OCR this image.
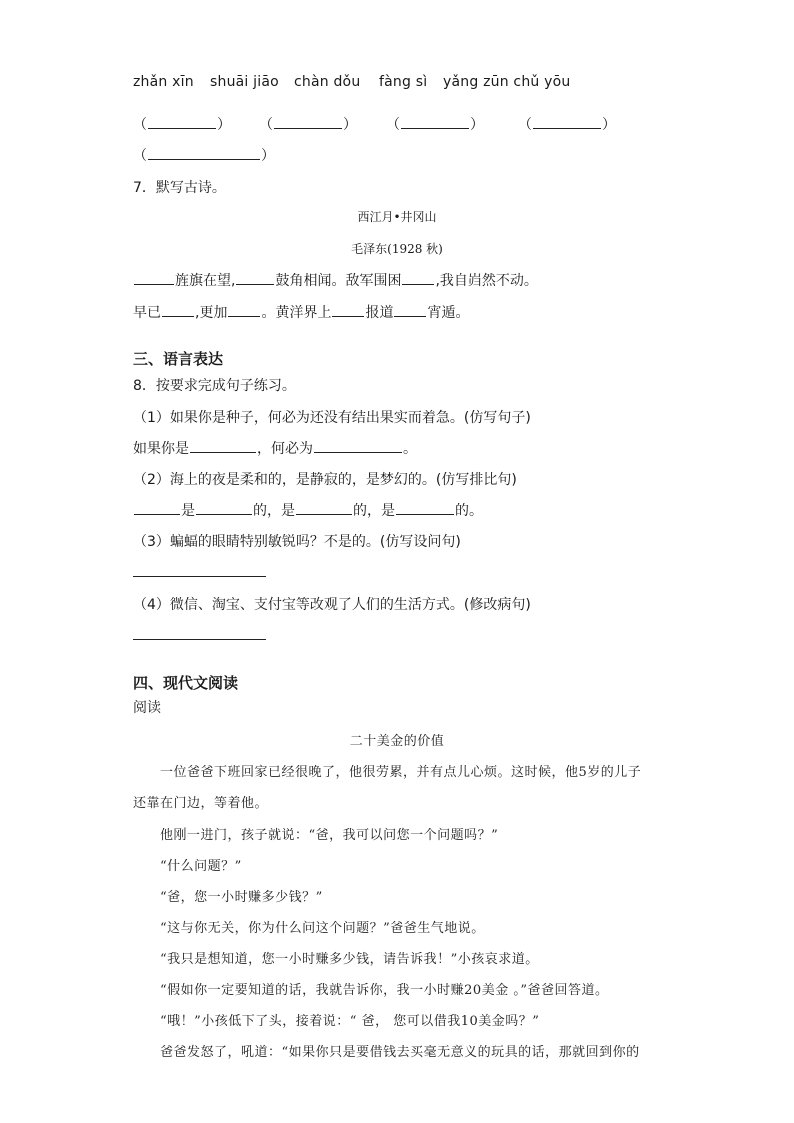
zhǎn xīn shuāi jiāo chàn dǒu fàng sì yǎng zūn chǔ yōu
（	） （	） （	） （	）
（	）
7．默写古诗。
西江月•井冈山
毛泽东(1928 秋)
旌旗在望,	鼓角相闻。敌军围困 ,我自岿然不动。
早已 ,更加 。黄洋界上 报道 宵遁。
三、语言表达
8．按要求完成句子练习。
（1）如果你是种子，何必为还没有结出果实而着急。(仿写句子)
如果你是	，何必为	。
（2）海上的夜是柔和的，是静寂的，是梦幻的。(仿写排比句)
是	的，是	的，是	的。
（3）蝙蝠的眼睛特别敏锐吗？不是的。(仿写设问句)
（4）微信、淘宝、支付宝等改观了人们的生活方式。(修改病句)
四、现代文阅读
阅读
二十美金的价值
一位爸爸下班回家已经很晚了，他很劳累，并有点儿心烦。这时候，他5岁的儿子
还靠在门边，等着他。
他刚一进门，孩子就说：“爸，我可以问您一个问题吗？”
“什么问题？”
“爸，您一小时赚多少钱？”
“这与你无关，你为什么问这个问题？”爸爸生气地说。
“我只是想知道，您一小时赚多少钱，请告诉我！”小孩哀求道。
“假如你一定要知道的话，我就告诉你，我一小时赚20美金 。”爸爸回答道。
“哦！”小孩低下了头，接着说：“ 爸， 您可以借我10美金吗？”
爸爸发怒了，吼道：“如果你只是要借钱去买毫无意义的玩具的话，那就回到你的
